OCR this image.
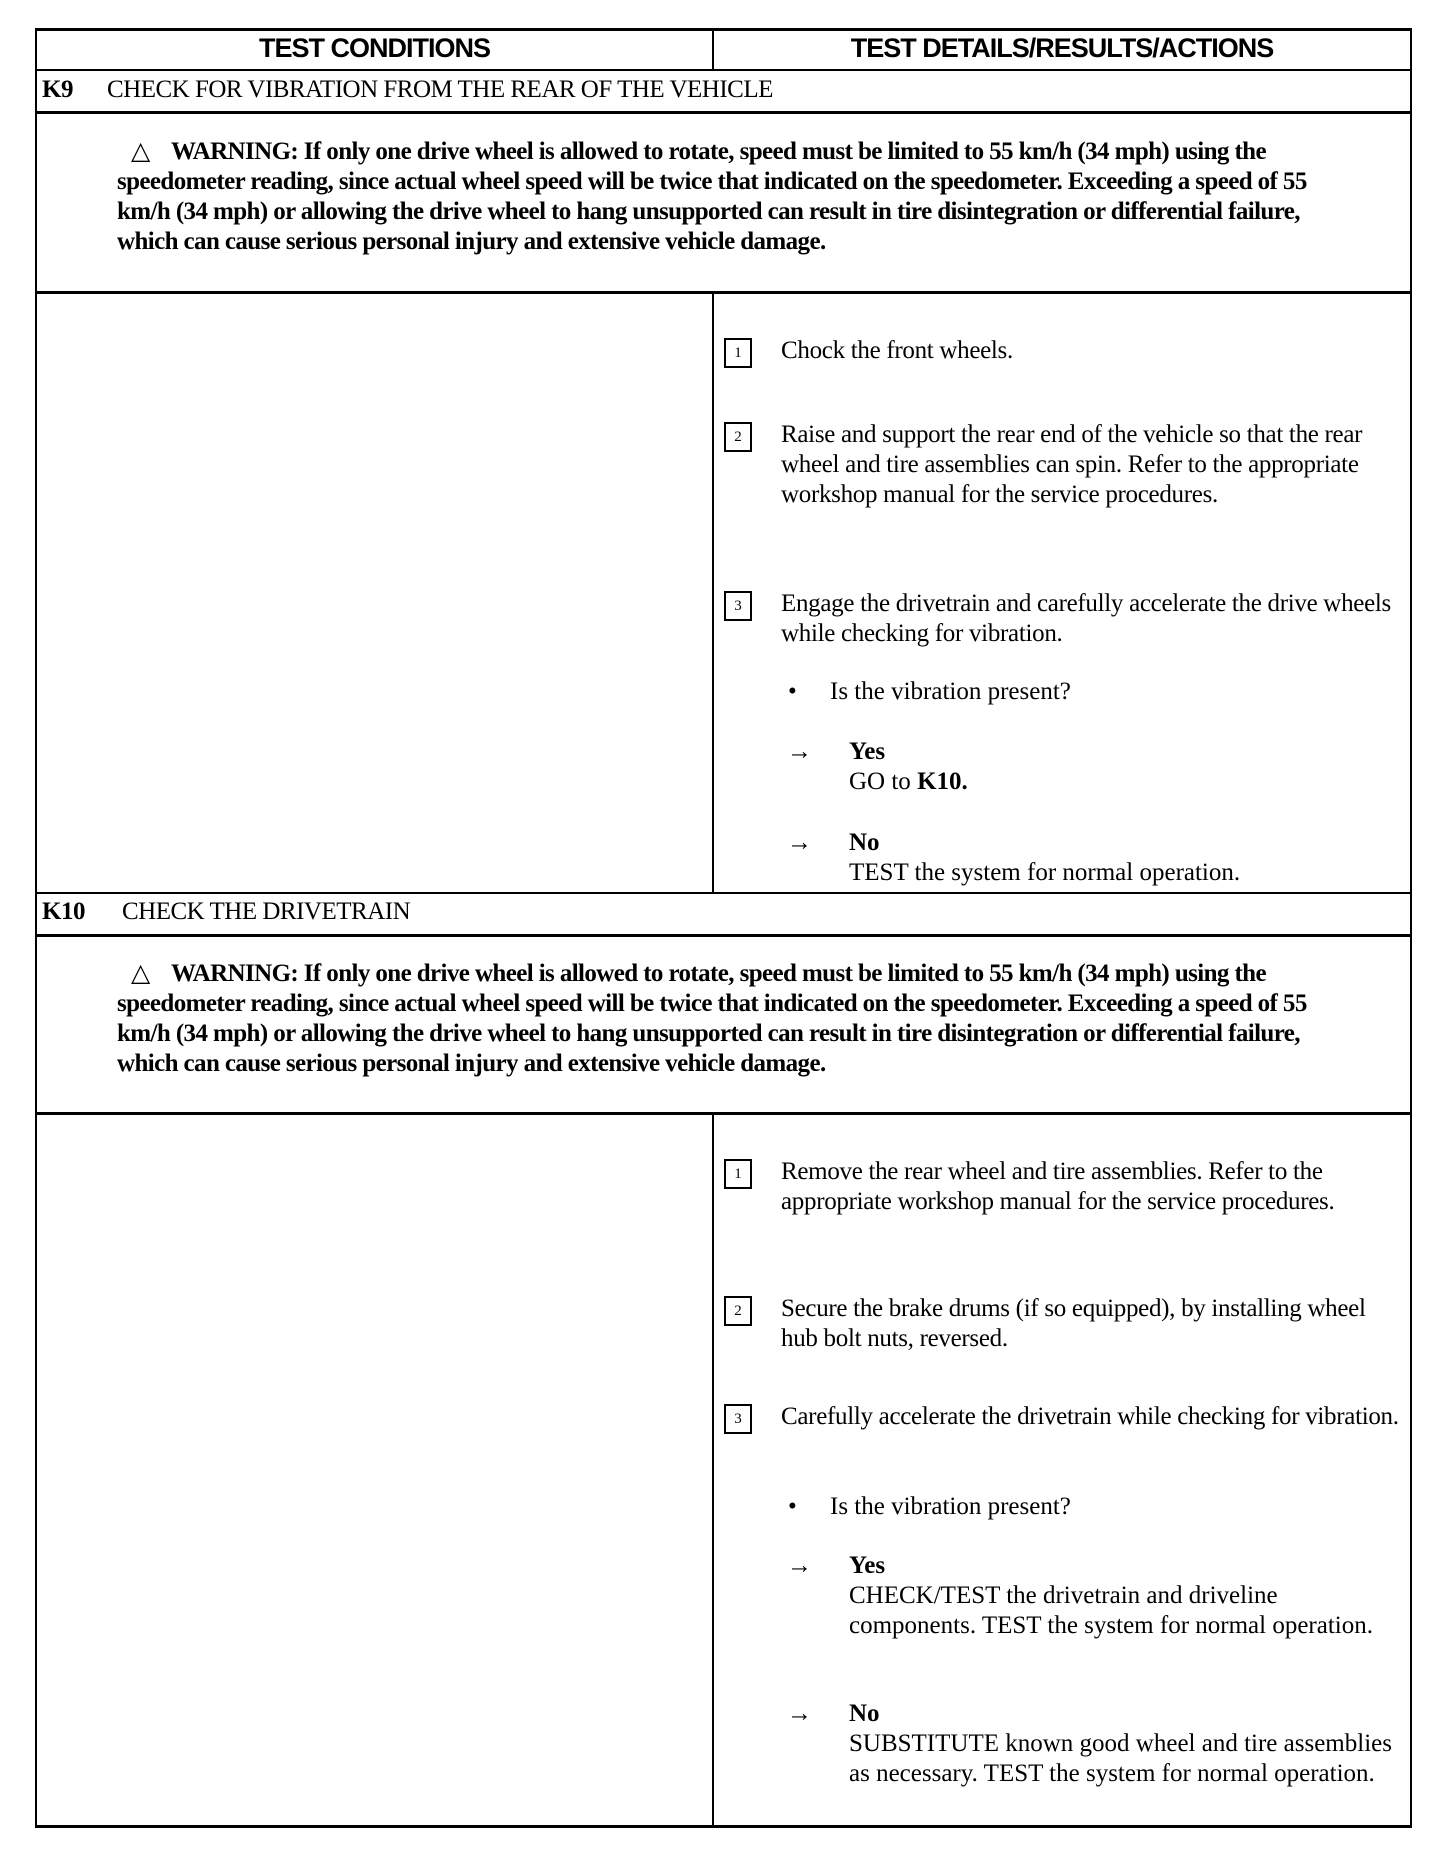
TEST CONDITIONS	TEST DETAILS/RESULTS/ACTIONS
K9 CHECK FOR VIBRATION FROM THE REAR OF THE VEHICLE
△ WARNING: If only one drive wheel is allowed to rotate, speed must be limited to 55 km/h (34 mph) using the speedometer reading, since actual wheel speed will be twice that indicated on the speedometer. Exceeding a speed of 55 km/h (34 mph) or allowing the drive wheel to hang unsupported can result in tire disintegration or differential failure, which can cause serious personal injury and extensive vehicle damage.
1	Chock the front wheels.
2	Raise and support the rear end of the vehicle so that the rear wheel and tire assemblies can spin. Refer to the appropriate workshop manual for the service procedures.
3	Engage the drivetrain and carefully accelerate the drive wheels while checking for vibration.
• Is the vibration present?
→ Yes
GO to K10.
→ No
TEST the system for normal operation.
K10 CHECK THE DRIVETRAIN
△ WARNING: If only one drive wheel is allowed to rotate, speed must be limited to 55 km/h (34 mph) using the speedometer reading, since actual wheel speed will be twice that indicated on the speedometer. Exceeding a speed of 55 km/h (34 mph) or allowing the drive wheel to hang unsupported can result in tire disintegration or differential failure, which can cause serious personal injury and extensive vehicle damage.
1	Remove the rear wheel and tire assemblies. Refer to the appropriate workshop manual for the service procedures.
2	Secure the brake drums (if so equipped), by installing wheel hub bolt nuts, reversed.
3	Carefully accelerate the drivetrain while checking for vibration.
• Is the vibration present?
→ Yes
CHECK/TEST the drivetrain and driveline components. TEST the system for normal operation.
→ No
SUBSTITUTE known good wheel and tire assemblies as necessary. TEST the system for normal operation.
